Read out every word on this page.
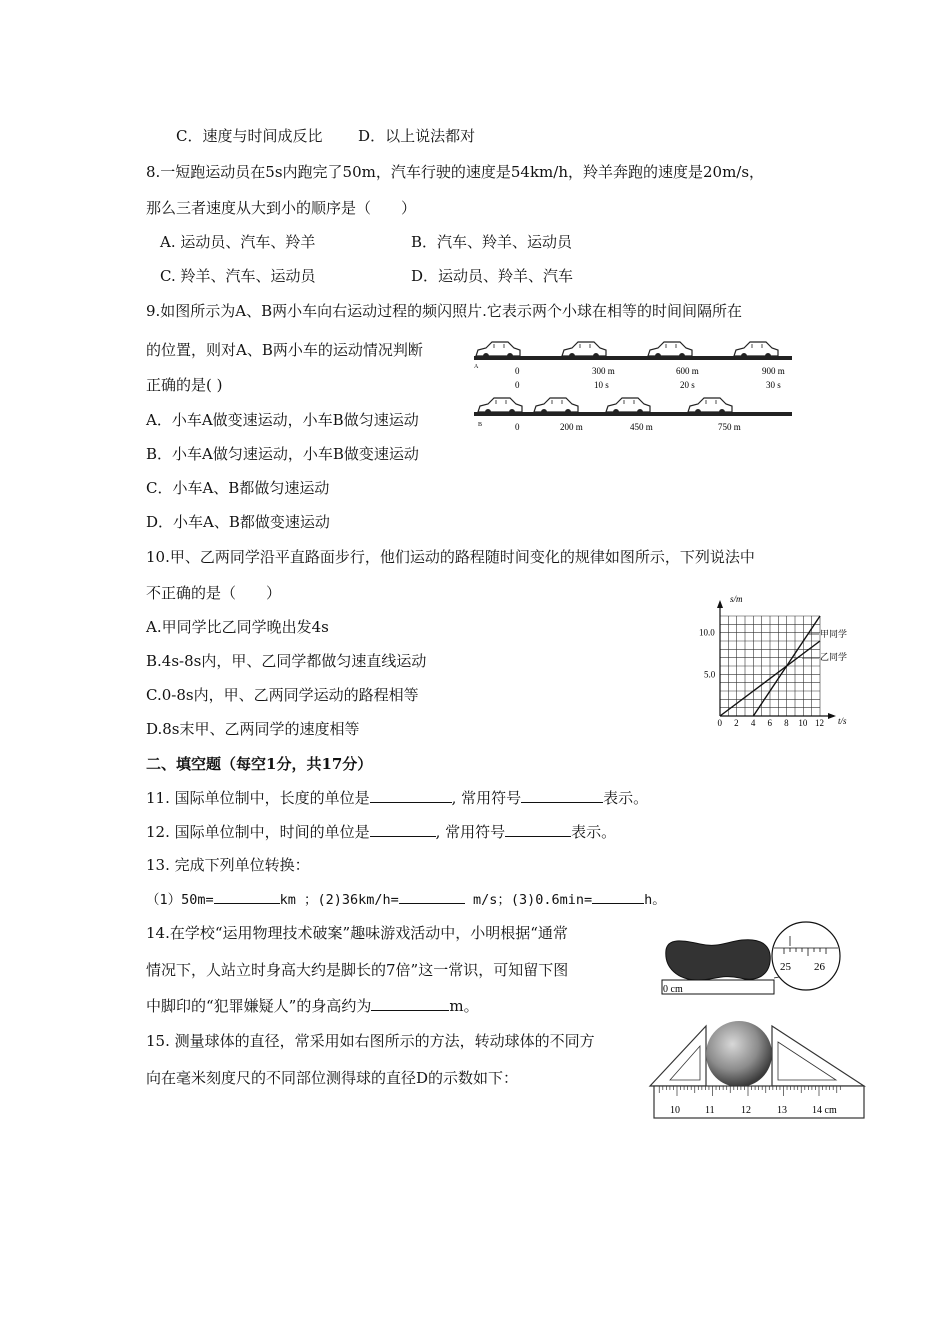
C．速度与时间成反比 D．以上说法都对
8.一短跑运动员在5s内跑完了50m，汽车行驶的速度是54km/h，羚羊奔跑的速度是20m/s，
那么三者速度从大到小的顺序是（　　）
A. 运动员、汽车、羚羊	B．汽车、羚羊、运动员
C. 羚羊、汽车、运动员	D．运动员、羚羊、汽车
9.如图所示为A、B两小车向右运动过程的频闪照片.它表示两个小球在相等的时间间隔所在
的位置，则对A、B两小车的运动情况判断
正确的是( )
A．小车A做变速运动，小车B做匀速运动
B．小车A做匀速运动，小车B做变速运动
C．小车A、B都做匀速运动
D．小车A、B都做变速运动
A	0	300 m	600 m	900 m
0	10 s	20 s	30 s
B	0	200 m	450 m	750 m
10.甲、乙两同学沿平直路面步行，他们运动的路程随时间变化的规律如图所示，下列说法中
不正确的是（　　）
A.甲同学比乙同学晚出发4s
B.4s-8s内，甲、乙同学都做匀速直线运动
C.0-8s内，甲、乙两同学运动的路程相等
D.8s末甲、乙两同学的速度相等	0 2 4 6 8 10 12
5.0
10.0
s/m
t/s
甲同学
乙同学
二、填空题（每空1分，共17分）
11. 国际单位制中，长度的单位是	, 常用符号	表示。
12. 国际单位制中，时间的单位是	, 常用符号	表示。
13. 完成下列单位转换：
（1）50m=	km ；(2)36km/h=	m/s；(3)0.6min=	h。
14.在学校“运用物理技术破案”趣味游戏活动中，小明根据“通常
情况下，人站立时身高大约是脚长的7倍”这一常识，可知留下图
中脚印的“犯罪嫌疑人”的身高约为	m。
0 cm
25 26
15. 测量球体的直径，常采用如右图所示的方法，转动球体的不同方
向在毫米刻度尺的不同部位测得球的直径D的示数如下：
10	11	12	13	14 cm
